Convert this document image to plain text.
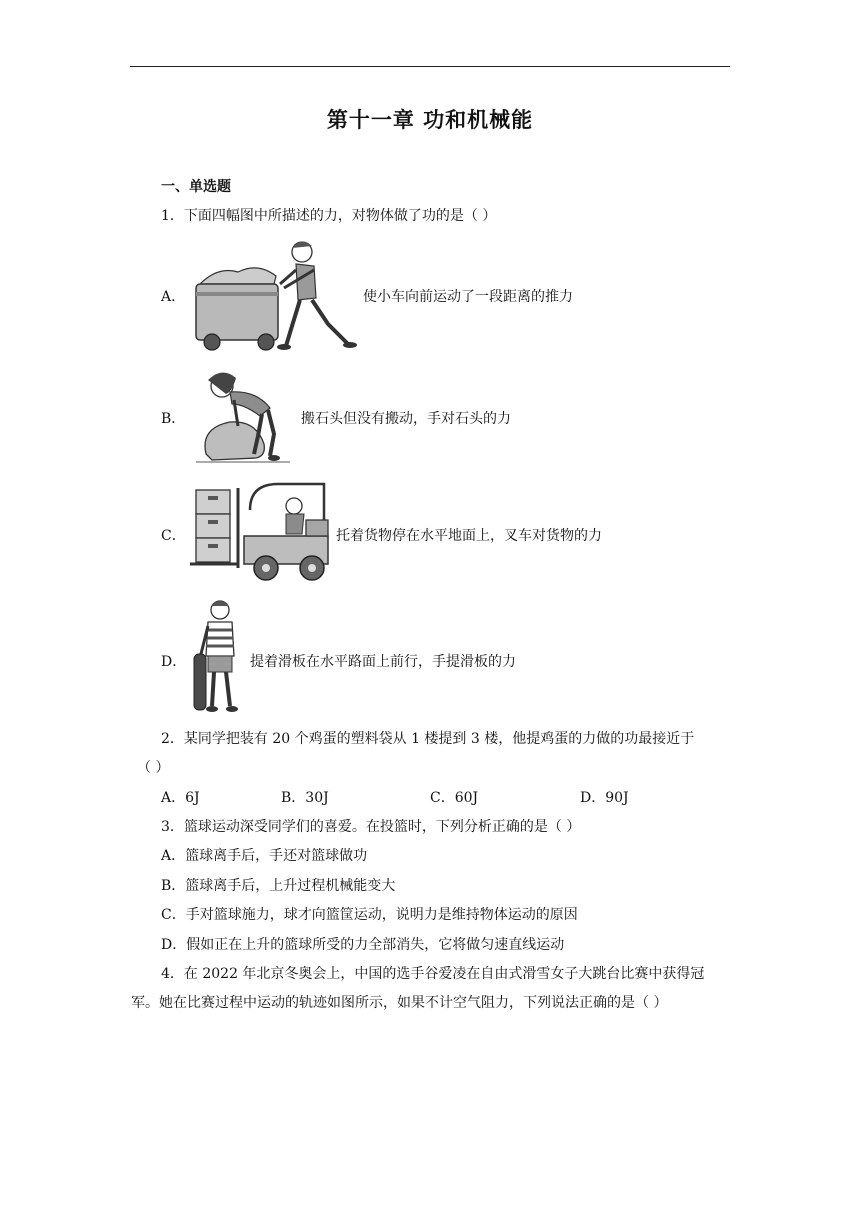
第十一章 功和机械能
一、单选题
1．下面四幅图中所描述的力，对物体做了功的是（ ）
A．	使小车向前运动了一段距离的推力
B．	搬石头但没有搬动，手对石头的力
C．	托着货物停在水平地面上，叉车对货物的力
D．	提着滑板在水平路面上前行，手提滑板的力
2．某同学把装有 20 个鸡蛋的塑料袋从 1 楼提到 3 楼，他提鸡蛋的力做的功最接近于
（ ）
A．6J	B．30J	C．60J	D．90J
3．篮球运动深受同学们的喜爱。在投篮时，下列分析正确的是（ ）
A．篮球离手后，手还对篮球做功
B．篮球离手后，上升过程机械能变大
C．手对篮球施力，球才向篮筐运动，说明力是维持物体运动的原因
D．假如正在上升的篮球所受的力全部消失，它将做匀速直线运动
4．在 2022 年北京冬奥会上，中国的选手谷爱凌在自由式滑雪女子大跳台比赛中获得冠
军。她在比赛过程中运动的轨迹如图所示，如果不计空气阻力，下列说法正确的是（ ）
